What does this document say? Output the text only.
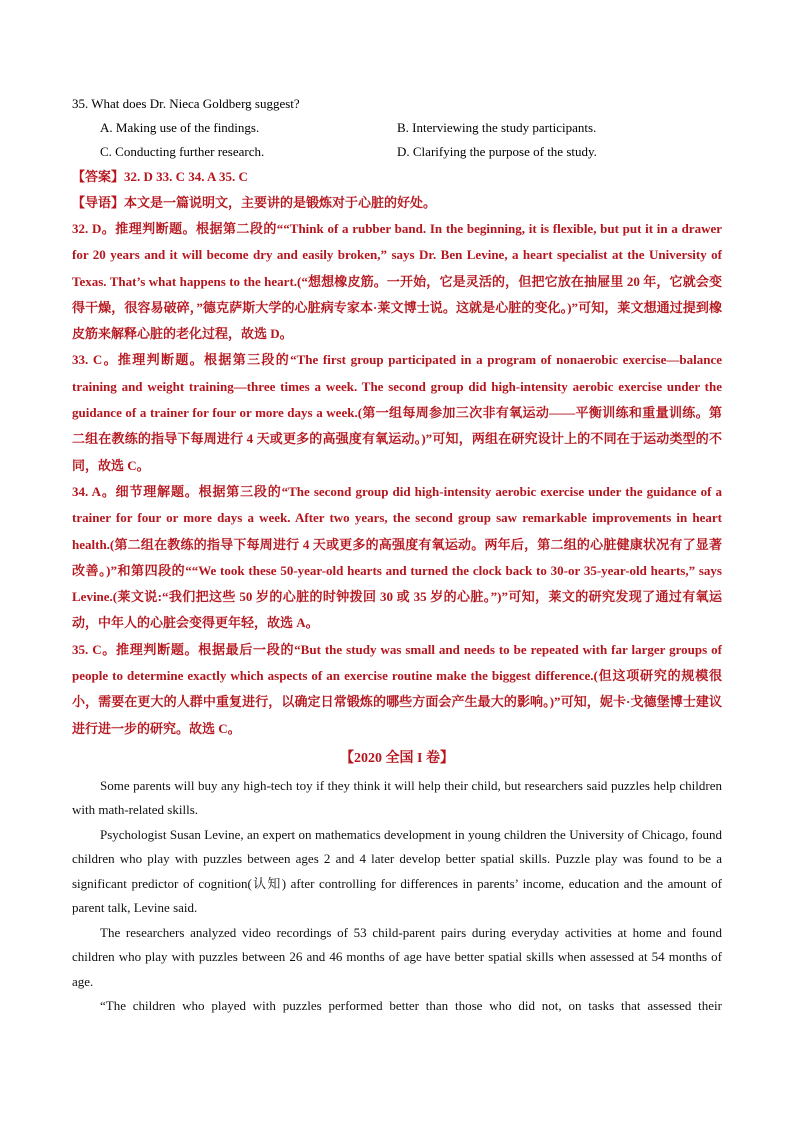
35. What does Dr. Nieca Goldberg suggest?
A. Making use of the findings.	B. Interviewing the study participants.
C. Conducting further research.	D. Clarifying the purpose of the study.

【答案】32. D 33. C 34. A 35. C

【导语】本文是一篇说明文，主要讲的是锻炼对于心脏的好处。

32. D。推理判断题。根据第二段的““Think of a rubber band. In the beginning, it is flexible, but put it in a drawer for 20 years and it will become dry and easily broken,” says Dr. Ben Levine, a heart specialist at the University of Texas. That’s what happens to the heart.(“想想橡皮筋。一开始，它是灵活的，但把它放在抽屉里 20 年，它就会变得干燥，很容易破碎，”德克萨斯大学的心脏病专家本·莱文博士说。这就是心脏的变化。)”可知，莱文想通过提到橡皮筋来解释心脏的老化过程，故选 D。

33. C。推理判断题。根据第三段的“The first group participated in a program of nonaerobic exercise—balance training and weight training—three times a week. The second group did high-intensity aerobic exercise under the guidance of a trainer for four or more days a week.(第一组每周参加三次非有氧运动——平衡训练和重量训练。第二组在教练的指导下每周进行 4 天或更多的高强度有氧运动。)”可知，两组在研究设计上的不同在于运动类型的不同，故选 C。

34. A。细节理解题。根据第三段的“The second group did high-intensity aerobic exercise under the guidance of a trainer for four or more days a week. After two years, the second group saw remarkable improvements in heart health.(第二组在教练的指导下每周进行 4 天或更多的高强度有氧运动。两年后，第二组的心脏健康状况有了显著改善。)”和第四段的““We took these 50-year-old hearts and turned the clock back to 30-or 35-year-old hearts,” says Levine.(莱文说:“我们把这些 50 岁的心脏的时钟拨回 30 或 35 岁的心脏。”)”可知，莱文的研究发现了通过有氧运动，中年人的心脏会变得更年轻，故选 A。

35. C。推理判断题。根据最后一段的“But the study was small and needs to be repeated with far larger groups of people to determine exactly which aspects of an exercise routine make the biggest difference.(但这项研究的规模很小，需要在更大的人群中重复进行，以确定日常锻炼的哪些方面会产生最大的影响。)”可知，妮卡·戈德堡博士建议进行进一步的研究。故选 C。

【2020 全国 I 卷】

Some parents will buy any high-tech toy if they think it will help their child, but researchers said puzzles help children with math-related skills.

Psychologist Susan Levine, an expert on mathematics development in young children the University of Chicago, found children who play with puzzles between ages 2 and 4 later develop better spatial skills. Puzzle play was found to be a significant predictor of cognition(认知) after controlling for differences in parents’ income, education and the amount of parent talk, Levine said.

The researchers analyzed video recordings of 53 child-parent pairs during everyday activities at home and found children who play with puzzles between 26 and 46 months of age have better spatial skills when assessed at 54 months of age.

“The children who played with puzzles performed better than those who did not, on tasks that assessed their
